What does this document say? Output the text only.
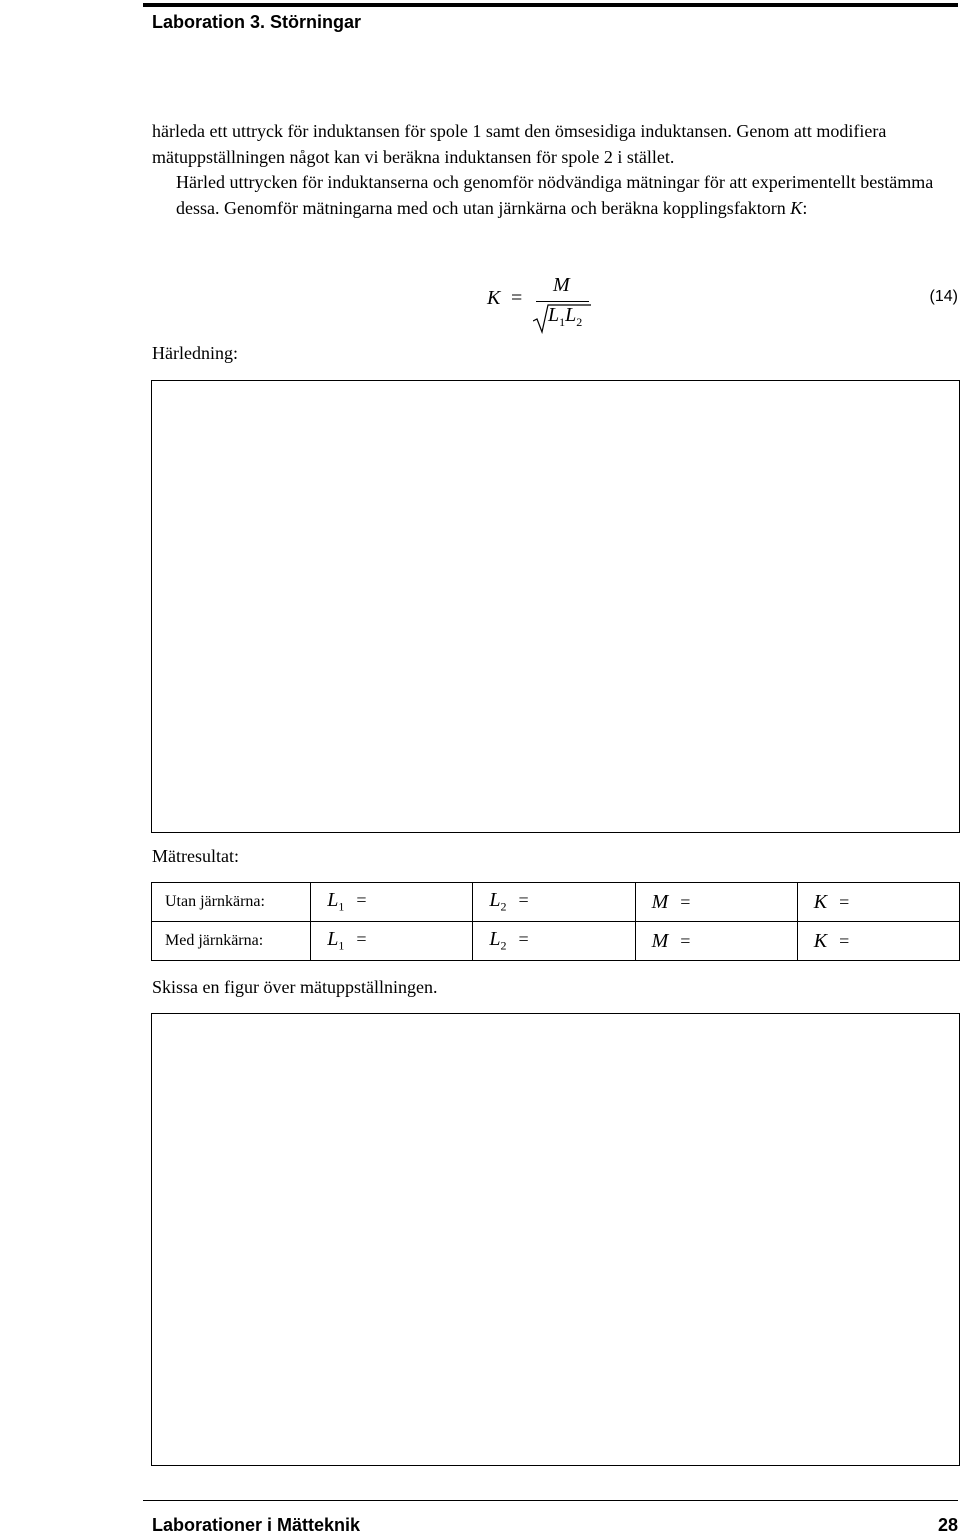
Laboration 3. Störningar

härleda ett uttryck för induktansen för spole 1 samt den ömsesidiga induktansen. Genom att modifiera mätuppställningen något kan vi beräkna induktansen för spole 2 i stället.

Härled uttrycken för induktanserna och genomför nödvändiga mätningar för att experimentellt bestämma dessa. Genomför mätningarna med och utan järnkärna och beräkna kopplingsfaktorn K:

K =
M
$L_1L_2$
(14)
Härledning:
Mätresultat:
Utan järnkärna:	$L_1$ =	$L_2$ =	M =	K =
Med järnkärna:	$L_1$ =	$L_2$ =	M =	K =
Skissa en figur över mätuppställningen.
Laborationer i Mätteknik	28
